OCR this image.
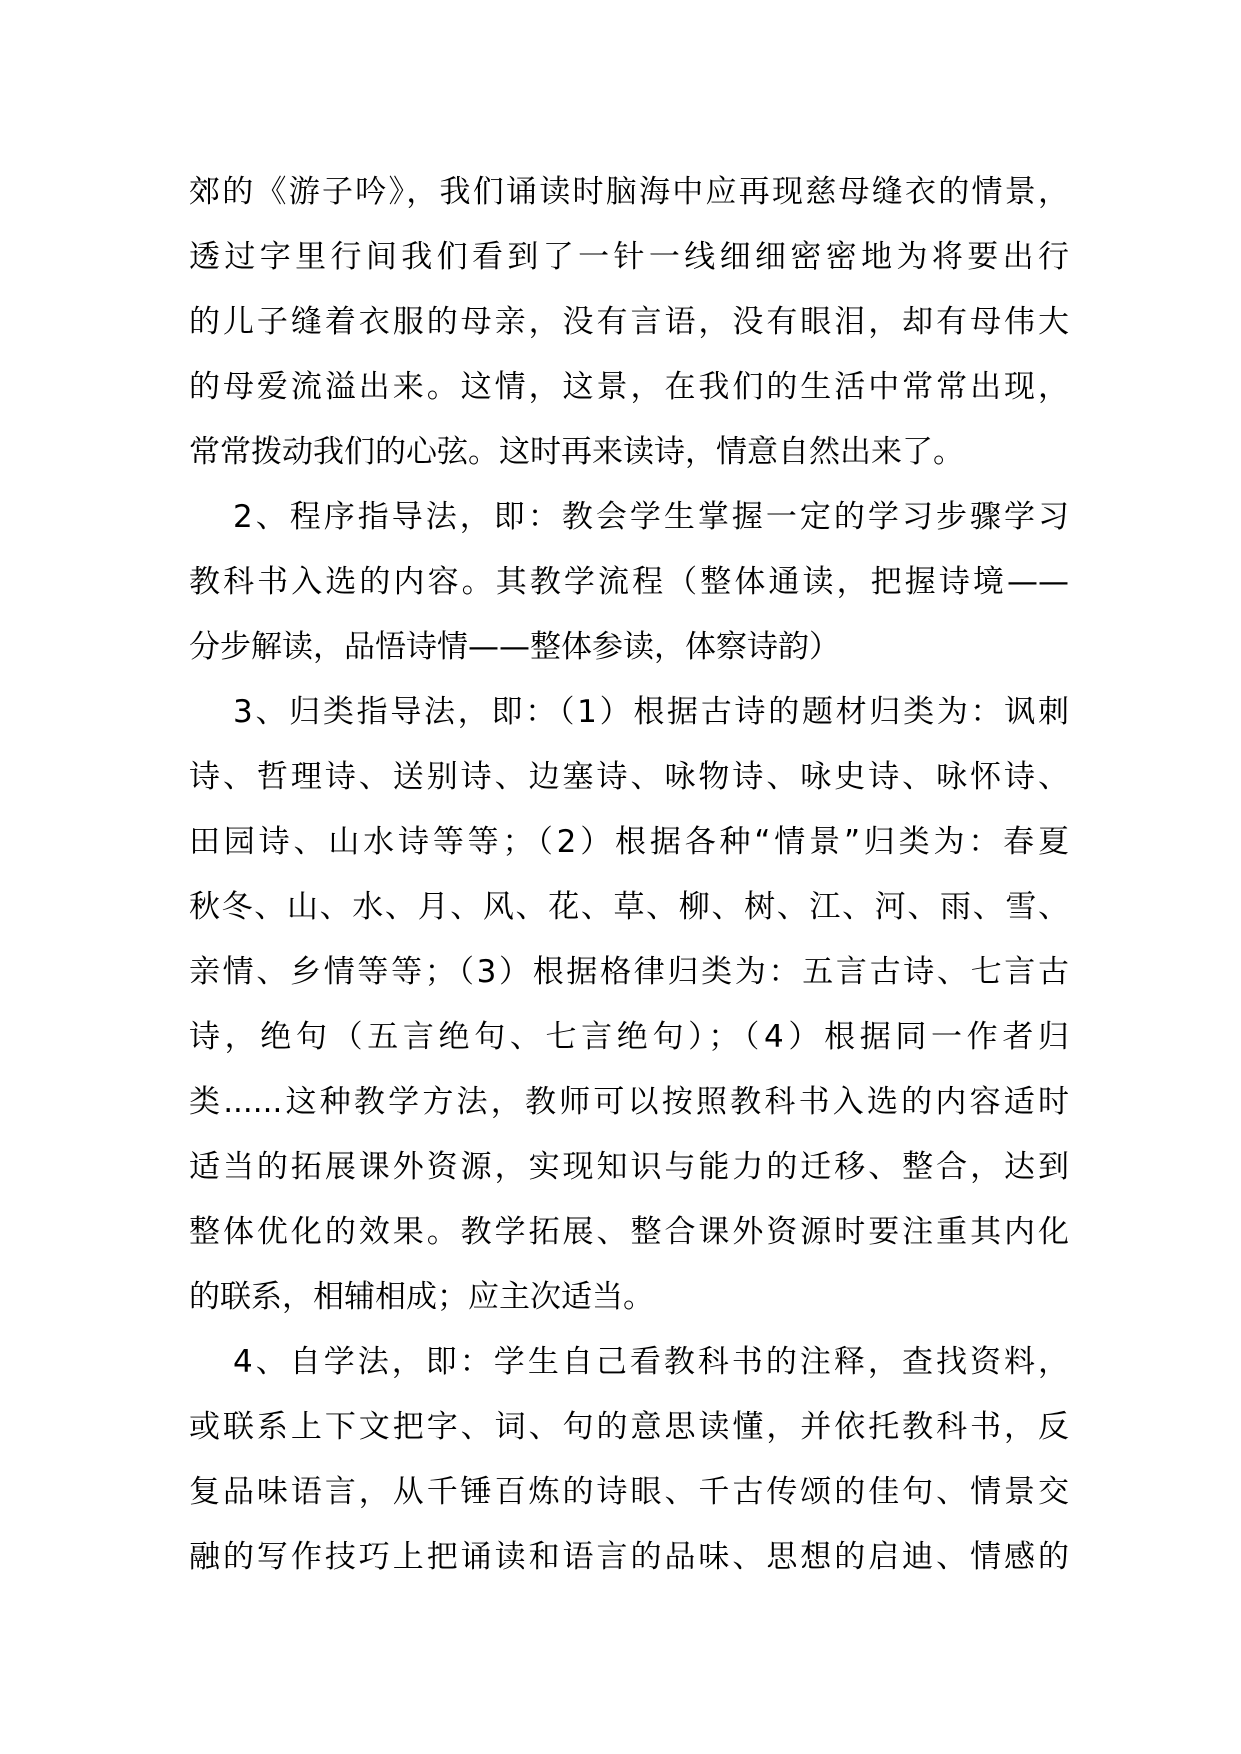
郊的《游子吟》，我们诵读时脑海中应再现慈母缝衣的情景，
透过字里行间我们看到了一针一线细细密密地为将要出行
的儿子缝着衣服的母亲，没有言语，没有眼泪，却有母伟大
的母爱流溢出来。这情，这景，在我们的生活中常常出现，
常常拨动我们的心弦。这时再来读诗，情意自然出来了。
2、程序指导法，即：教会学生掌握一定的学习步骤学习
教科书入选的内容。其教学流程（整体通读，把握诗境——
分步解读，品悟诗情——整体参读，体察诗韵）
3、归类指导法，即：（1）根据古诗的题材归类为：讽刺
诗、哲理诗、送别诗、边塞诗、咏物诗、咏史诗、咏怀诗、
田园诗、山水诗等等；（2）根据各种“情景”归类为：春夏
秋冬、山、水、月、风、花、草、柳、树、江、河、雨、雪、
亲情、乡情等等；（3）根据格律归类为：五言古诗、七言古
诗，绝句（五言绝句、七言绝句）；（4）根据同一作者归
类......这种教学方法，教师可以按照教科书入选的内容适时
适当的拓展课外资源，实现知识与能力的迁移、整合，达到
整体优化的效果。教学拓展、整合课外资源时要注重其内化
的联系，相辅相成；应主次适当。
4、自学法，即：学生自己看教科书的注释，查找资料，
或联系上下文把字、词、句的意思读懂，并依托教科书，反
复品味语言，从千锤百炼的诗眼、千古传颂的佳句、情景交
融的写作技巧上把诵读和语言的品味、思想的启迪、情感的
